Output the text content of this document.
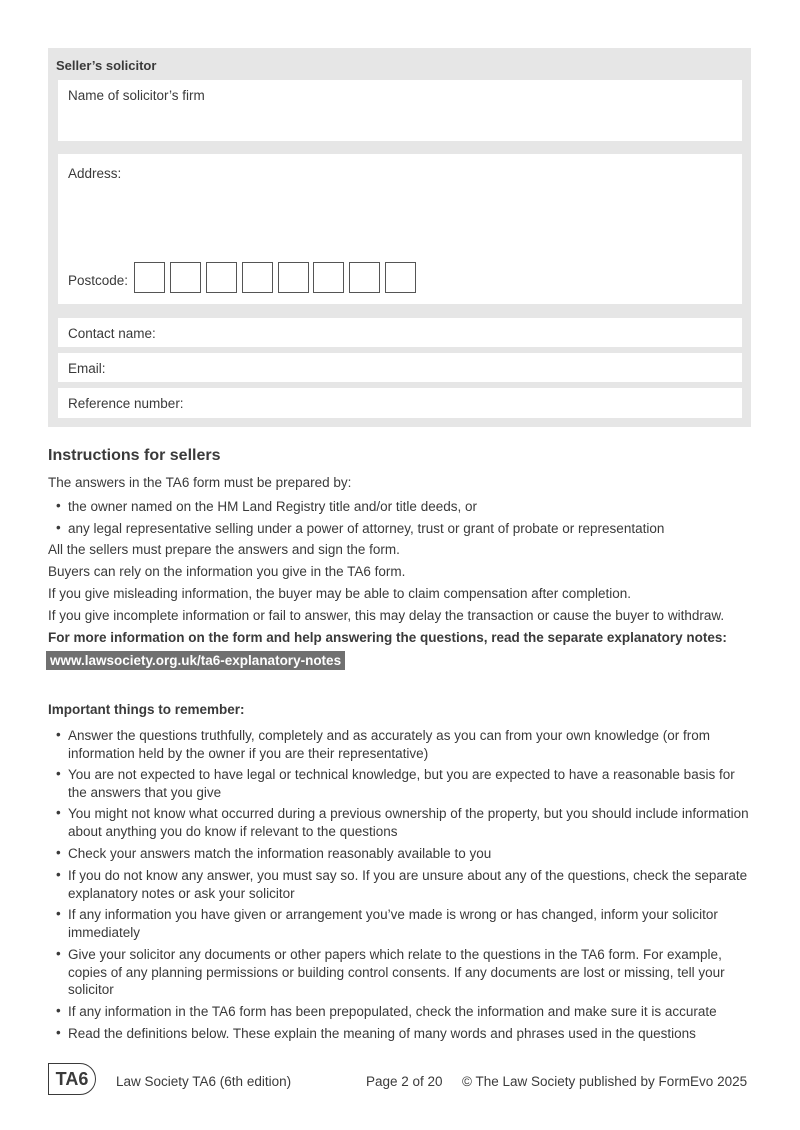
Seller’s solicitor
Name of solicitor’s firm
Address:
Postcode:
Contact name:
Email:
Reference number:
Instructions for sellers
The answers in the TA6 form must be prepared by:
• the owner named on the HM Land Registry title and/or title deeds, or
• any legal representative selling under a power of attorney, trust or grant of probate or representation
All the sellers must prepare the answers and sign the form.
Buyers can rely on the information you give in the TA6 form.
If you give misleading information, the buyer may be able to claim compensation after completion.
If you give incomplete information or fail to answer, this may delay the transaction or cause the buyer to withdraw.
For more information on the form and help answering the questions, read the separate explanatory notes:
www.lawsociety.org.uk/ta6-explanatory-notes
Important things to remember:
• Answer the questions truthfully, completely and as accurately as you can from your own knowledge (or from
information held by the owner if you are their representative)
• You are not expected to have legal or technical knowledge, but you are expected to have a reasonable basis for
the answers that you give
• You might not know what occurred during a previous ownership of the property, but you should include information
about anything you do know if relevant to the questions
• Check your answers match the information reasonably available to you
• If you do not know any answer, you must say so. If you are unsure about any of the questions, check the separate
explanatory notes or ask your solicitor
• If any information you have given or arrangement you’ve made is wrong or has changed, inform your solicitor
immediately
• Give your solicitor any documents or other papers which relate to the questions in the TA6 form. For example,
copies of any planning permissions or building control consents. If any documents are lost or missing, tell your
solicitor
• If any information in the TA6 form has been prepopulated, check the information and make sure it is accurate
• Read the definitions below. These explain the meaning of many words and phrases used in the questions
TA6	Law Society TA6 (6th edition)	Page 2 of 20 © The Law Society published by FormEvo 2025
